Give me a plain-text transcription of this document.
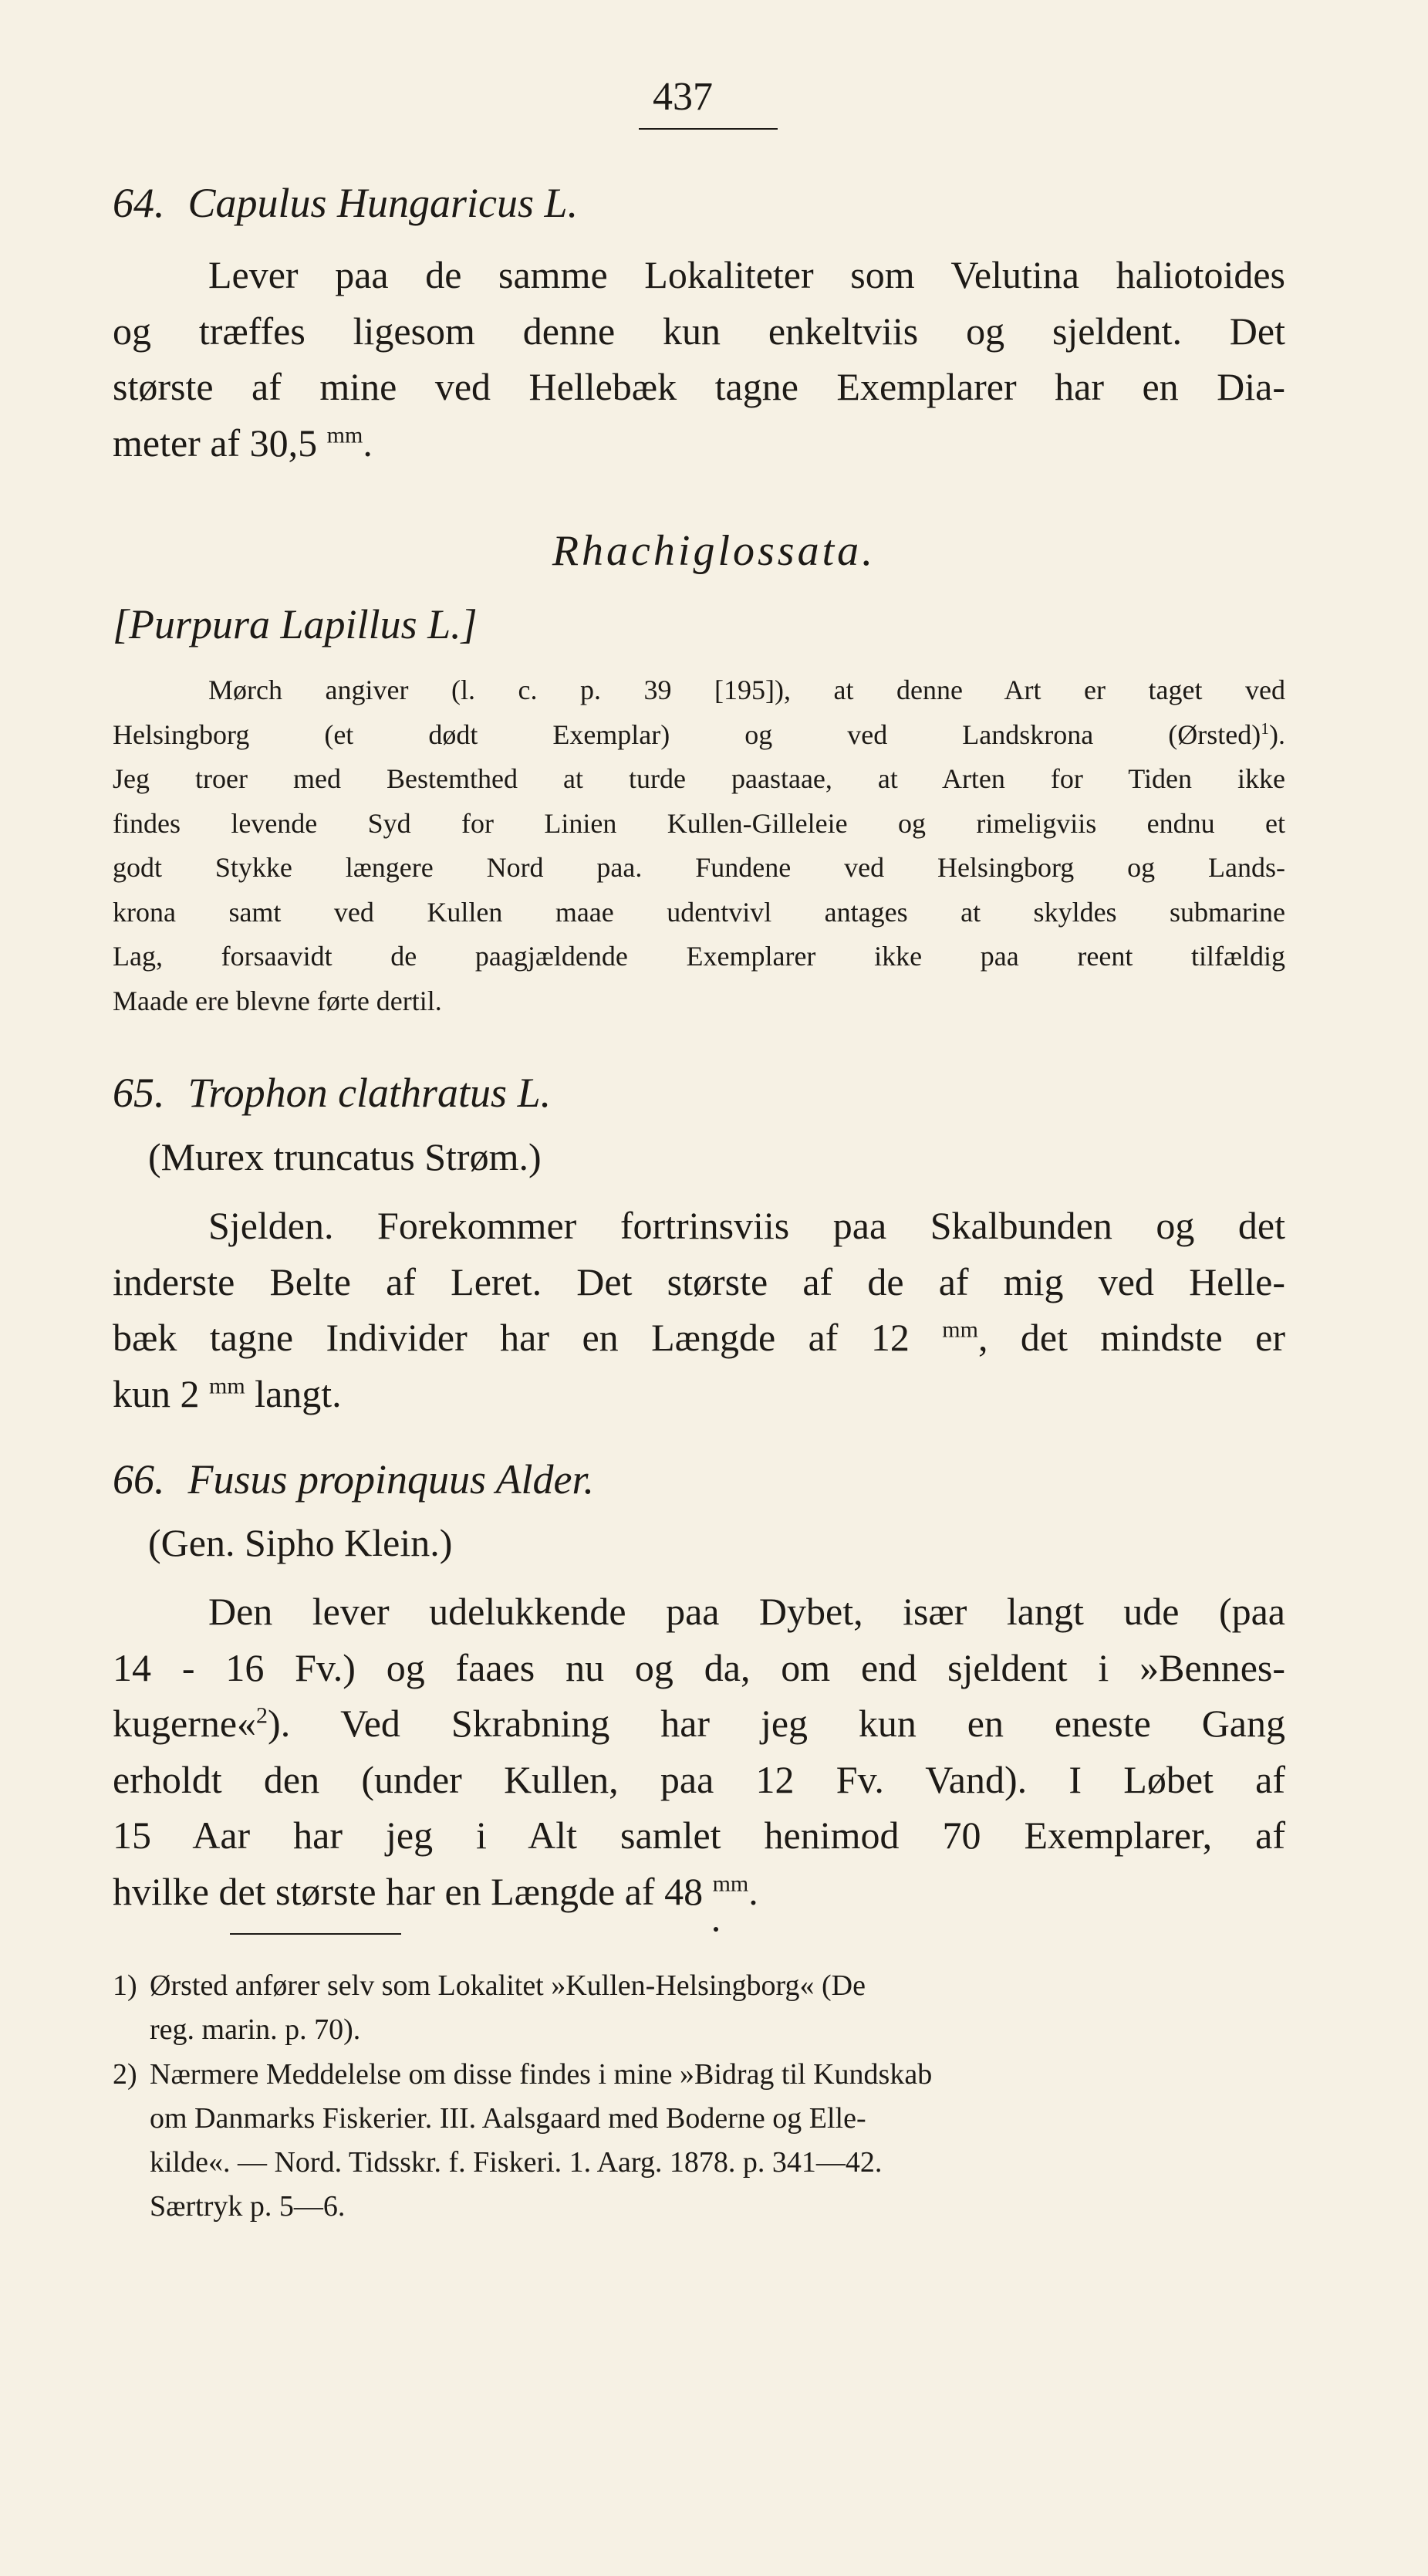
437
64. Capulus Hungaricus L.
Lever paa de samme Lokaliteter som Velutina haliotoides
og træffes ligesom denne kun enkeltviis og sjeldent. Det
største af mine ved Hellebæk tagne Exemplarer har en Dia-
meter af 30,5 $^{mm}$.
Rhachiglossata.
[Purpura Lapillus L.]
Mørch angiver (l. c. p. 39 [195]), at denne Art er taget ved
Helsingborg (et dødt Exemplar) og ved Landskrona (Ørsted)$^1$).
Jeg troer med Bestemthed at turde paastaae, at Arten for Tiden ikke
findes levende Syd for Linien Kullen-Gilleleie og rimeligviis endnu et
godt Stykke længere Nord paa. Fundene ved Helsingborg og Lands-
krona samt ved Kullen maae udentvivl antages at skyldes submarine
Lag, forsaavidt de paagjældende Exemplarer ikke paa reent tilfældig
Maade ere blevne førte dertil.
65. Trophon clathratus L.
(Murex truncatus Strøm.)
Sjelden. Forekommer fortrinsviis paa Skalbunden og det
inderste Belte af Leret. Det største af de af mig ved Helle-
bæk tagne Individer har en Længde af 12 $^{mm}$, det mindste er
kun 2 $^{mm}$ langt.
66. Fusus propinquus Alder.
(Gen. Sipho Klein.)
Den lever udelukkende paa Dybet, især langt ude (paa
14 - 16 Fv.) og faaes nu og da, om end sjeldent i »Bennes-
kugerne«$^2$). Ved Skrabning har jeg kun en eneste Gang
erholdt den (under Kullen, paa 12 Fv. Vand). I Løbet af
15 Aar har jeg i Alt samlet henimod 70 Exemplarer, af
hvilke det største har en Længde af 48 $^{mm}$.
1) Ørsted anfører selv som Lokalitet »Kullen-Helsingborg« (De
reg. marin. p. 70).
2) Nærmere Meddelelse om disse findes i mine »Bidrag til Kundskab
om Danmarks Fiskerier. III. Aalsgaard med Boderne og Elle-
kilde«. — Nord. Tidsskr. f. Fiskeri. 1. Aarg. 1878. p. 341—42.
Særtryk p. 5—6.
